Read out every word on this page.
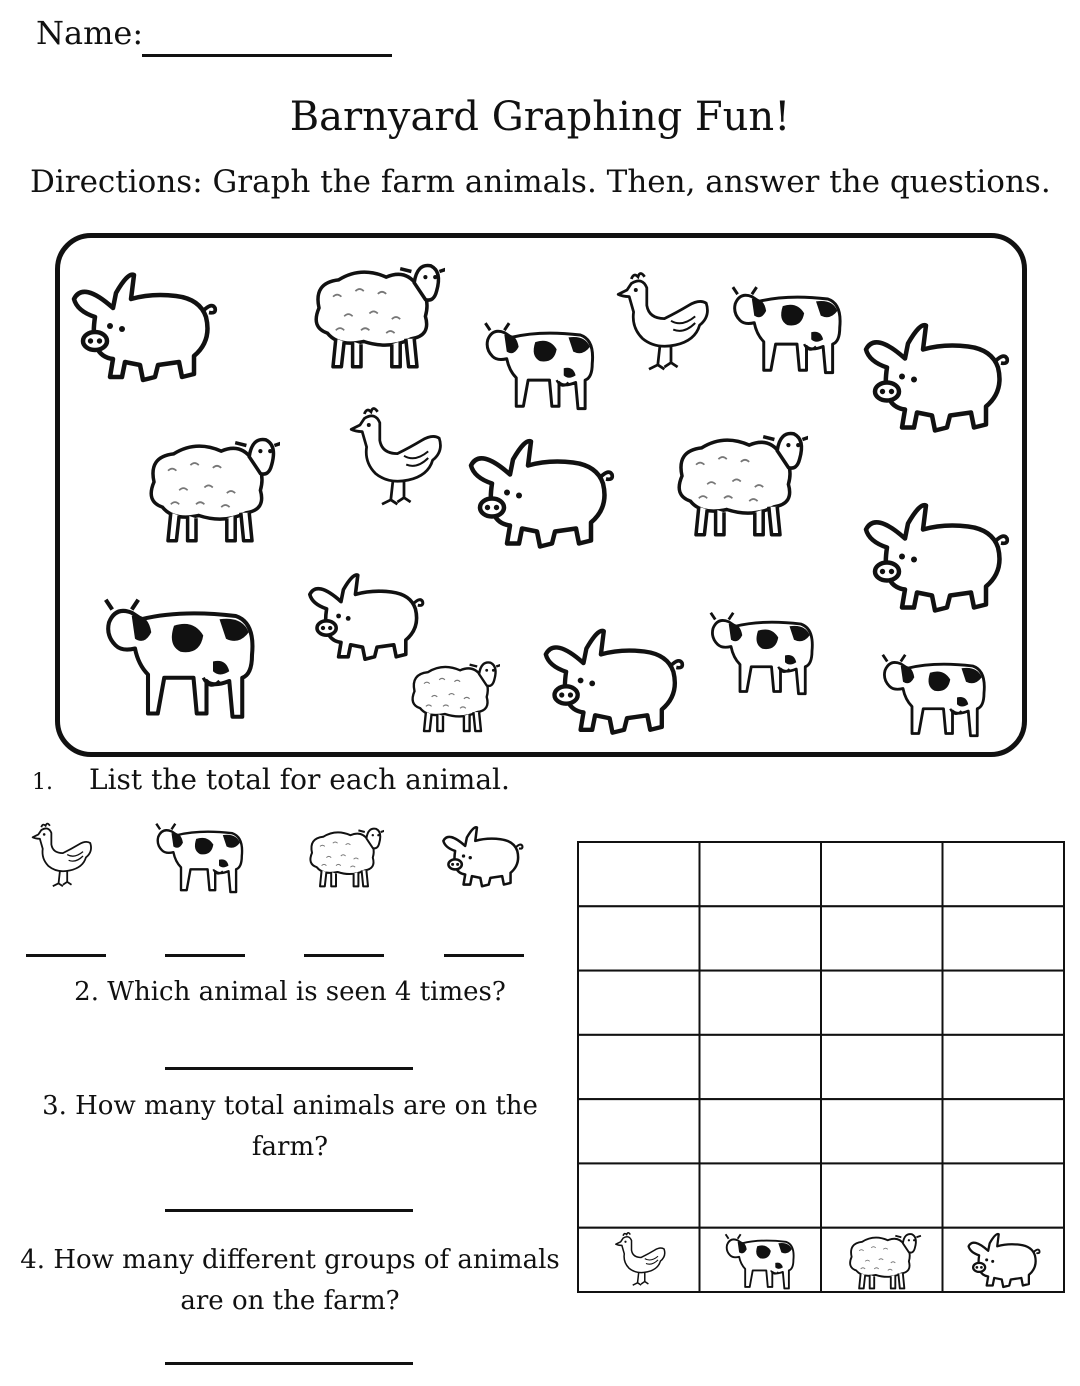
Name:
Barnyard Graphing Fun!
Directions: Graph the farm animals. Then, answer the questions.
1. List the total for each animal.
2. Which animal is seen 4 times?
3. How many total animals are on the
farm?
4. How many different groups of animals
are on the farm?
